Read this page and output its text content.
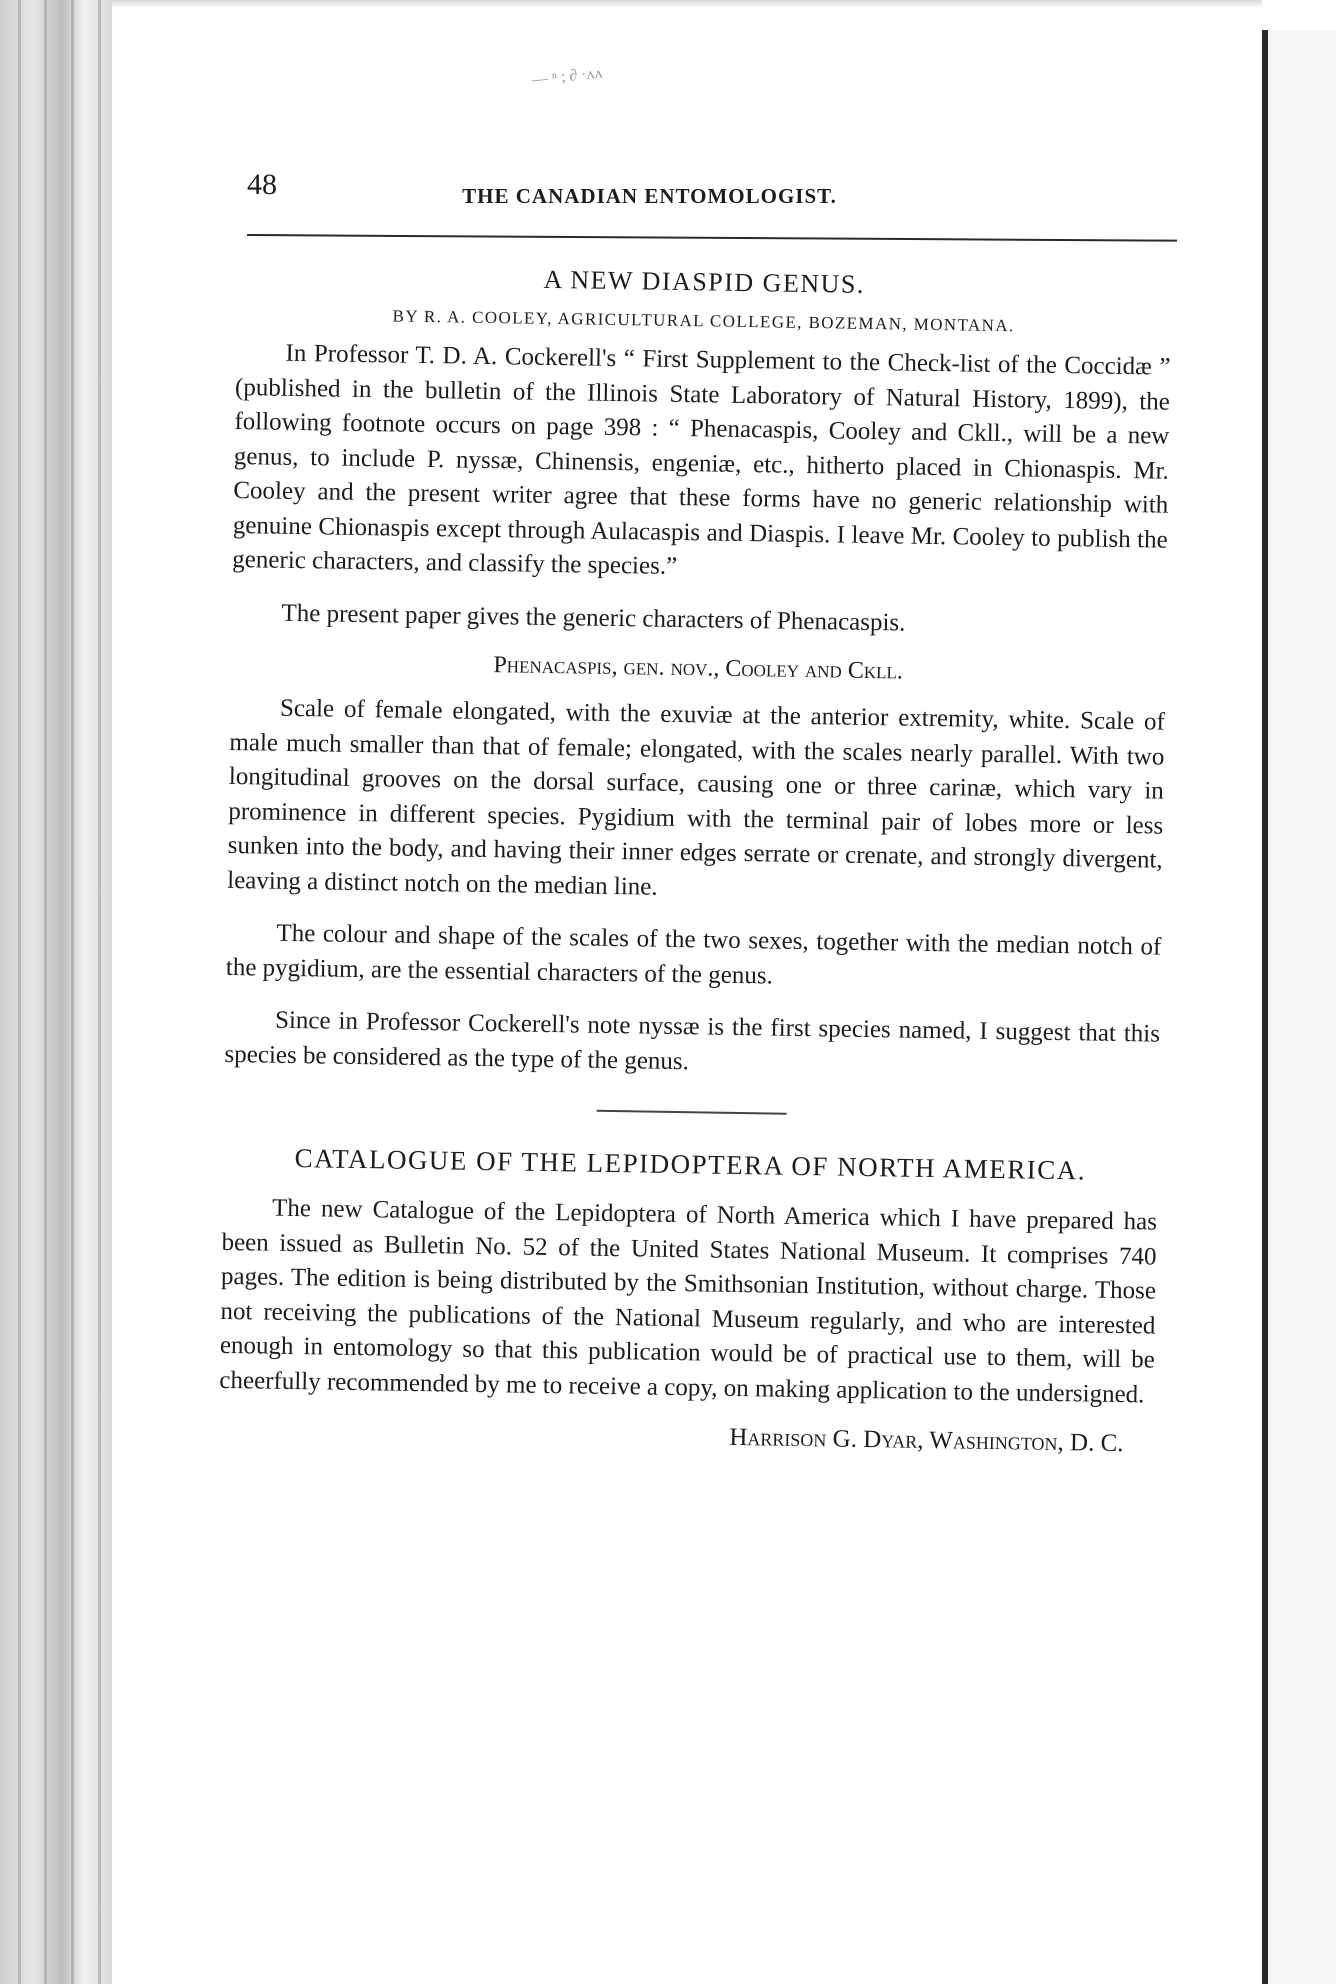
— ⁿ ; ∂ ·ʌʌ
48	THE CANADIAN ENTOMOLOGIST.
A NEW DIASPID GENUS.
BY R. A. COOLEY, AGRICULTURAL COLLEGE, BOZEMAN, MONTANA.

In Professor T. D. A. Cockerell's “ First Supplement to the Check-list of the Coccidæ ” (published in the bulletin of the Illinois State Laboratory of Natural History, 1899), the following footnote occurs on page 398 : “ Phenacaspis, Cooley and Ckll., will be a new genus, to include P. nyssæ, Chinensis, engeniæ, etc., hitherto placed in Chionaspis. Mr. Cooley and the present writer agree that these forms have no generic relationship with genuine Chionaspis except through Aulacaspis and Diaspis. I leave Mr. Cooley to publish the generic characters, and classify the species.”

The present paper gives the generic characters of Phenacaspis.

Phenacaspis, gen. nov., Cooley and Ckll.

Scale of female elongated, with the exuviæ at the anterior extremity, white. Scale of male much smaller than that of female; elongated, with the scales nearly parallel. With two longitudinal grooves on the dorsal surface, causing one or three carinæ, which vary in prominence in different species. Pygidium with the terminal pair of lobes more or less sunken into the body, and having their inner edges serrate or crenate, and strongly divergent, leaving a distinct notch on the median line.

The colour and shape of the scales of the two sexes, together with the median notch of the pygidium, are the essential characters of the genus.

Since in Professor Cockerell's note nyssæ is the first species named, I suggest that this species be considered as the type of the genus.

CATALOGUE OF THE LEPIDOPTERA OF NORTH AMERICA.

The new Catalogue of the Lepidoptera of North America which I have prepared has been issued as Bulletin No. 52 of the United States National Museum. It comprises 740 pages. The edition is being distributed by the Smithsonian Institution, without charge. Those not receiving the publications of the National Museum regularly, and who are interested enough in entomology so that this publication would be of practical use to them, will be cheerfully recommended by me to receive a copy, on making application to the undersigned.

Harrison G. Dyar, Washington, D. C.
